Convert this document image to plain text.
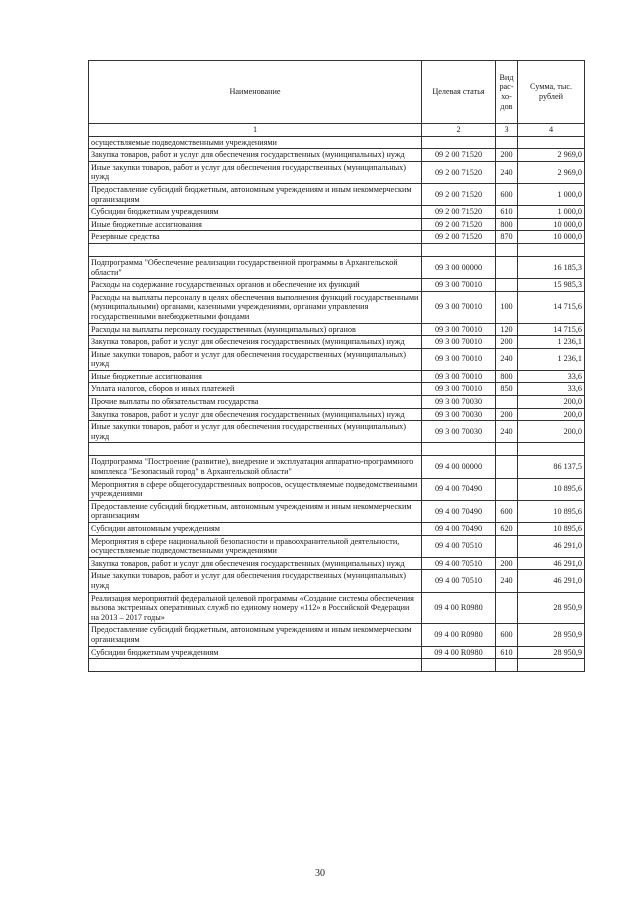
Наименование	Целевая статья	Вид рас-хо-дов	Сумма, тыс. рублей
1	2	3	4
осуществляемые подведомственными учреждениями			
Закупка товаров, работ и услуг для обеспечения государственных (муниципальных) нужд	09 2 00 71520	200	2 969,0
Иные закупки товаров, работ и услуг для обеспечения государственных (муниципальных) нужд	09 2 00 71520	240	2 969,0
Предоставление субсидий бюджетным, автономным учреждениям и иным некоммерческим организациям	09 2 00 71520	600	1 000,0
Субсидии бюджетным учреждениям	09 2 00 71520	610	1 000,0
Иные бюджетные ассигнования	09 2 00 71520	800	10 000,0
Резервные средства	09 2 00 71520	870	10 000,0

Подпрограмма "Обеспечение реализации государственной программы в Архангельской области"	09 3 00 00000		16 185,3
Расходы на содержание государственных органов и обеспечение их функций	09 3 00 70010		15 985,3
Расходы на выплаты персоналу в целях обеспечения выполнения функций государственными (муниципальными) органами, казенными учреждениями, органами управления государственными внебюджетными фондами	09 3 00 70010	100	14 715,6
Расходы на выплаты персоналу государственных (муниципальных) органов	09 3 00 70010	120	14 715,6
Закупка товаров, работ и услуг для обеспечения государственных (муниципальных) нужд	09 3 00 70010	200	1 236,1
Иные закупки товаров, работ и услуг для обеспечения государственных (муниципальных) нужд	09 3 00 70010	240	1 236,1
Иные бюджетные ассигнования	09 3 00 70010	800	33,6
Уплата налогов, сборов и иных платежей	09 3 00 70010	850	33,6
Прочие выплаты по обязательствам государства	09 3 00 70030		200,0
Закупка товаров, работ и услуг для обеспечения государственных (муниципальных) нужд	09 3 00 70030	200	200,0
Иные закупки товаров, работ и услуг для обеспечения государственных (муниципальных) нужд	09 3 00 70030	240	200,0

Подпрограмма "Построение (развитие), внедрение и эксплуатация аппаратно-программного комплекса "Безопасный город" в Архангельской области"	09 4 00 00000		86 137,5
Мероприятия в сфере общегосударственных вопросов, осуществляемые подведомственными учреждениями	09 4 00 70490		10 895,6
Предоставление субсидий бюджетным, автономным учреждениям и иным некоммерческим организациям	09 4 00 70490	600	10 895,6
Субсидии автономным учреждениям	09 4 00 70490	620	10 895,6
Мероприятия в сфере национальной безопасности и правоохранительной деятельности, осуществляемые подведомственными учреждениями	09 4 00 70510		46 291,0
Закупка товаров, работ и услуг для обеспечения государственных (муниципальных) нужд	09 4 00 70510	200	46 291,0
Иные закупки товаров, работ и услуг для обеспечения государственных (муниципальных) нужд	09 4 00 70510	240	46 291,0
Реализация мероприятий федеральной целевой программы «Создание системы обеспечения вызова экстренных оперативных служб по единому номеру «112» в Российской Федерации на 2013 – 2017 годы»	09 4 00 R0980		28 950,9
Предоставление субсидий бюджетным, автономным учреждениям и иным некоммерческим организациям	09 4 00 R0980	600	28 950,9
Субсидии бюджетным учреждениям	09 4 00 R0980	610	28 950,9

30
